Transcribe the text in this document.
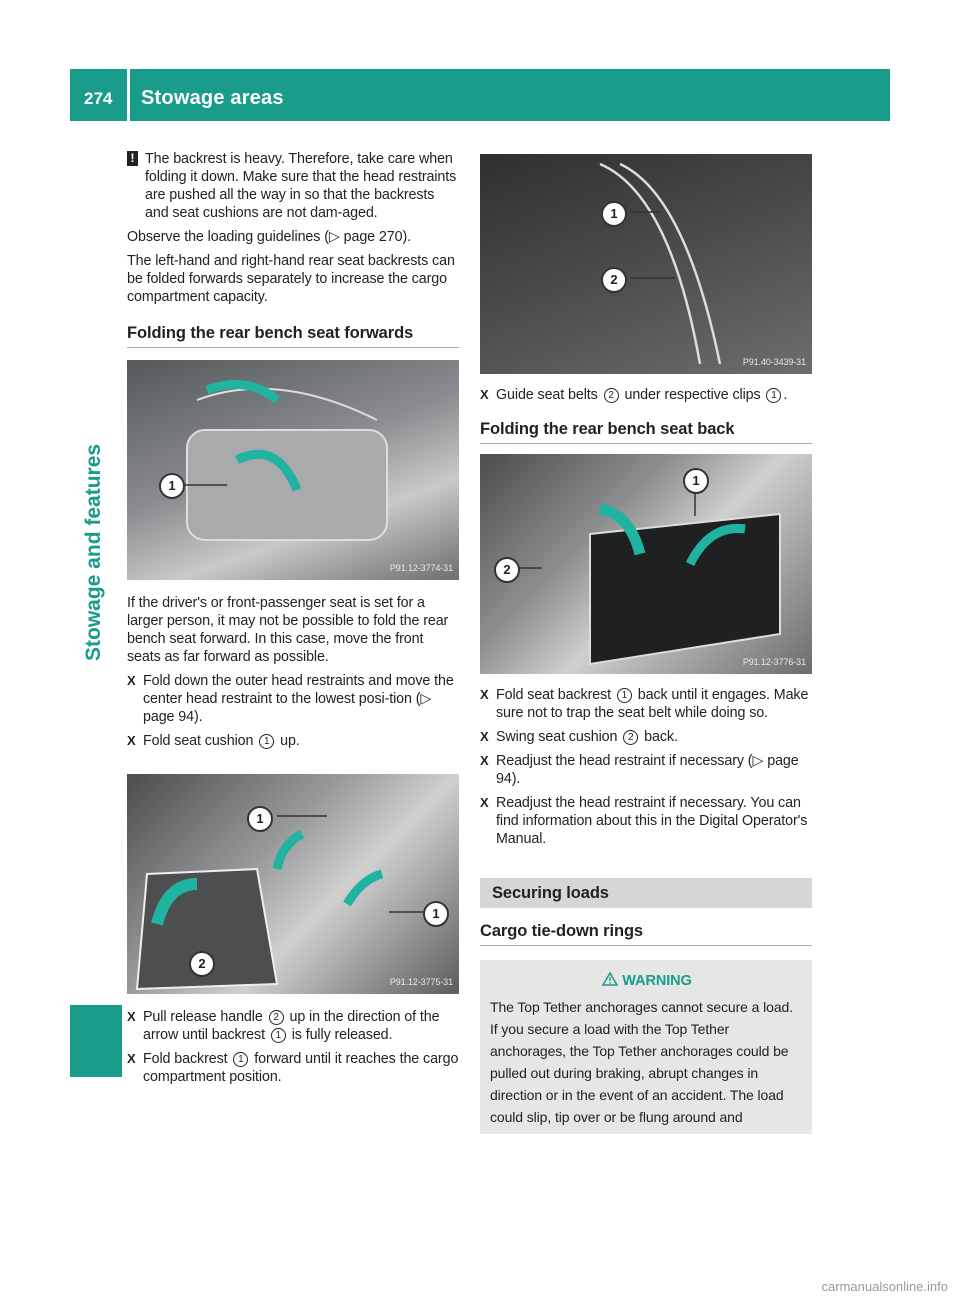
274 Stowage areas
Stowage and features

! The backrest is heavy. Therefore, take care when folding it down. Make sure that the head restraints are pushed all the way in so that the backrests and seat cushions are not dam-aged.

Observe the loading guidelines (▷ page 270).

The left-hand and right-hand rear seat backrests can be folded forwards separately to increase the cargo compartment capacity.

Folding the rear bench seat forwards
1
P91.12-3774-31

If the driver's or front-passenger seat is set for a larger person, it may not be possible to fold the rear bench seat forward. In this case, move the front seats as far forward as possible.

X Fold down the outer head restraints and move the center head restraint to the lowest posi-tion (▷ page 94).
X Fold seat cushion 1 up.
1
1
2
P91.12-3775-31
X Pull release handle 2 up in the direction of the arrow until backrest 1 is fully released.
X Fold backrest 1 forward until it reaches the cargo compartment position.
1
2
P91.40-3439-31
X Guide seat belts 2 under respective clips 1 .
Folding the rear bench seat back
1
2
P91.12-3776-31
X Fold seat backrest 1 back until it engages. Make sure not to trap the seat belt while doing so.
X Swing seat cushion 2 back.
X Readjust the head restraint if necessary (▷ page 94).
X Readjust the head restraint if necessary. You can find information about this in the Digital Operator's Manual.
Securing loads
Cargo tie-down rings
WARNING
The Top Tether anchorages cannot secure a load. If you secure a load with the Top Tether anchorages, the Top Tether anchorages could be pulled out during braking, abrupt changes in direction or in the event of an accident. The load could slip, tip over or be flung around and
carmanualsonline.info
